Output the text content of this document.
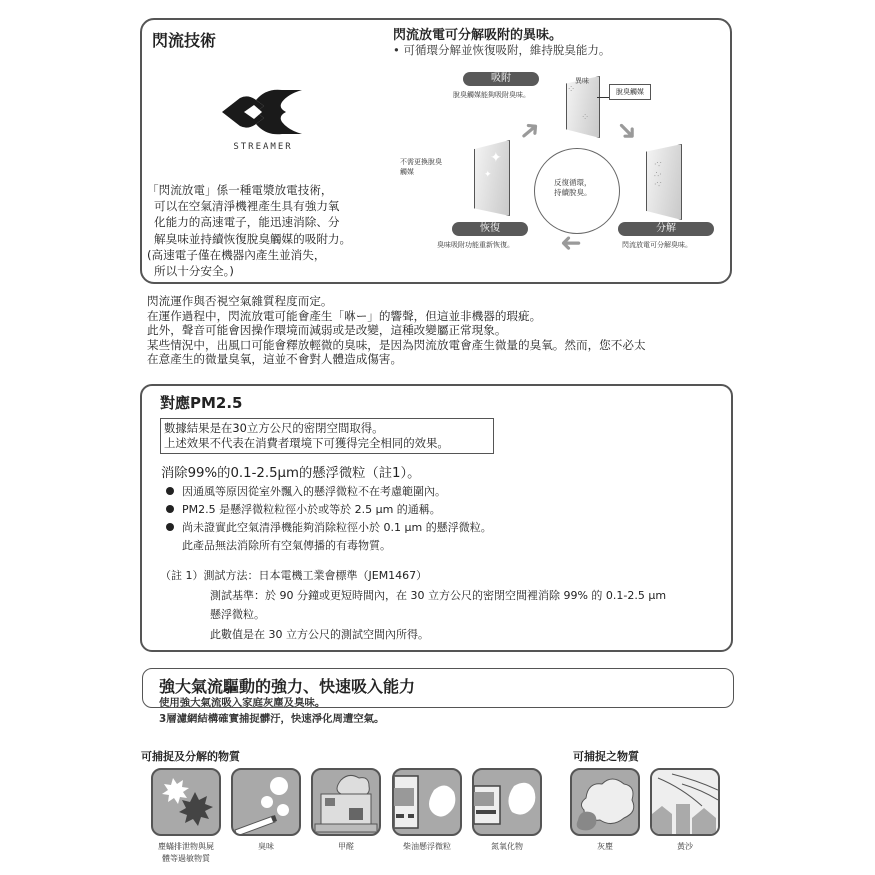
閃流技術
STREAMER
「閃流放電」係一種電漿放電技術，
可以在空氣清淨機裡產生具有強力氧
化能力的高速電子，能迅速消除、分
解臭味並持續恢復脫臭觸媒的吸附力。
(高速電子僅在機器內產生並消失，
所以十分安全。)
閃流放電可分解吸附的異味。
• 可循環分解並恢復吸附，維持脫臭能力。
吸附
脫臭觸媒能夠吸附臭味。
異味
⁘
⁘
脫臭觸媒
不需更換脫臭
觸媒
✦
✦
·∵
∴·
·∵
反復循環，
持續脫臭。
➜ ➜
➜
恢復
臭味吸附功能重新恢復。
分解
閃流放電可分解臭味。
閃流運作與否視空氣雜質程度而定。
在運作過程中，閃流放電可能會產生「咻ー」的響聲，但這並非機器的瑕疵。
此外，聲音可能會因操作環境而減弱或是改變，這種改變屬正常現象。
某些情況中，出風口可能會釋放輕微的臭味，是因為閃流放電會產生微量的臭氧。然而，您不必太
在意產生的微量臭氧，這並不會對人體造成傷害。
對應PM2.5
數據結果是在30立方公尺的密閉空間取得。
上述效果不代表在消費者環境下可獲得完全相同的效果。
消除99%的0.1-2.5μm的懸浮微粒（註1）。
因通風等原因從室外飄入的懸浮微粒不在考慮範圍內。
PM2.5 是懸浮微粒粒徑小於或等於 2.5 μm 的通稱。
尚未證實此空氣清淨機能夠消除粒徑小於 0.1 μm 的懸浮微粒。
此產品無法消除所有空氣傳播的有毒物質。
（註 1）測試方法：日本電機工業會標準（JEM1467）
測試基準：於 90 分鐘或更短時間內，在 30 立方公尺的密閉空間裡消除 99% 的 0.1-2.5 μm
懸浮微粒。
此數值是在 30 立方公尺的測試空間內所得。
強大氣流驅動的強力、快速吸入能力
使用強大氣流吸入家庭灰塵及臭味。
3層濾網結構確實捕捉髒汙，快速淨化周遭空氣。
可捕捉及分解的物質	可捕捉之物質
塵蟎排泄物與屍
體等過敏物質
臭味	甲醛	柴油懸浮微粒	氮氧化物	灰塵	黃沙
